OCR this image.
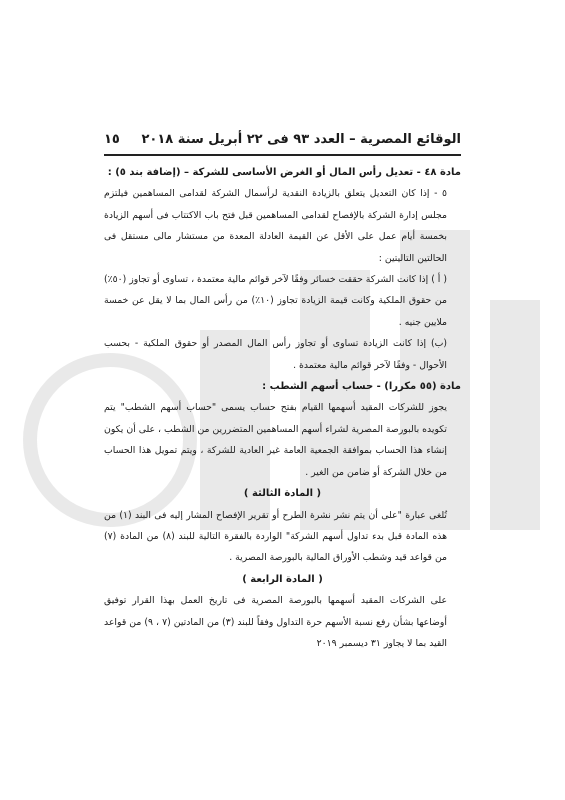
الوقائع المصرية – العدد ٩٣ فى ٢٢ أبريل سنة ٢٠١٨
١٥

مادة ٤٨ - تعديل رأس المال أو الغرض الأساسى للشركة – (إضافة بند ٥) :

٥ - إذا كان التعديل يتعلق بالزيادة النقدية لرأسمال الشركة لقدامى المساهمين فيلتزم مجلس إدارة الشركة بالإفصاح لقدامى المساهمين قبل فتح باب الاكتتاب فى أسهم الزيادة بخمسة أيام عمل على الأقل عن القيمة العادلة المعدة من مستشار مالى مستقل فى الحالتين التاليتين :

( أ ) إذا كانت الشركة حققت خسائر وفقًا لآخر قوائم مالية معتمدة ، تساوى أو تجاوز (٥٠٪) من حقوق الملكية وكانت قيمة الزيادة تجاوز (١٠٪) من رأس المال بما لا يقل عن خمسة ملايين جنيه .

(ب) إذا كانت الزيادة تساوى أو تجاوز رأس المال المصدر أو حقوق الملكية - بحسب الأحوال - وفقًا لآخر قوائم مالية معتمدة .

مادة (٥٥ مكررا) - حساب أسهم الشطب :

يجوز للشركات المقيد أسهمها القيام بفتح حساب يسمى "حساب أسهم الشطب" يتم تكويده بالبورصة المصرية لشراء أسهم المساهمين المتضررين من الشطب ، على أن يكون إنشاء هذا الحساب بموافقة الجمعية العامة غير العادية للشركة ، ويتم تمويل هذا الحساب من خلال الشركة أو ضامن من الغير .

( المادة الثالثة )

تُلغى عبارة "على أن يتم نشر نشرة الطرح أو تقرير الإفصاح المشار إليه فى البند (١) من هذه المادة قبل بدء تداول أسهم الشركة" الواردة بالفقرة التالية للبند (٨) من المادة (٧) من قواعد قيد وشطب الأوراق المالية بالبورصة المصرية .

( المادة الرابعة )

على الشركات المقيد أسهمها بالبورصة المصرية فى تاريخ العمل بهذا القرار توفيق أوضاعها بشأن رفع نسبة الأسهم حرة التداول وفقاً للبند (٣) من المادتين (٧ ، ٩) من قواعد القيد بما لا يجاوز ٣١ ديسمبر ٢٠١٩
